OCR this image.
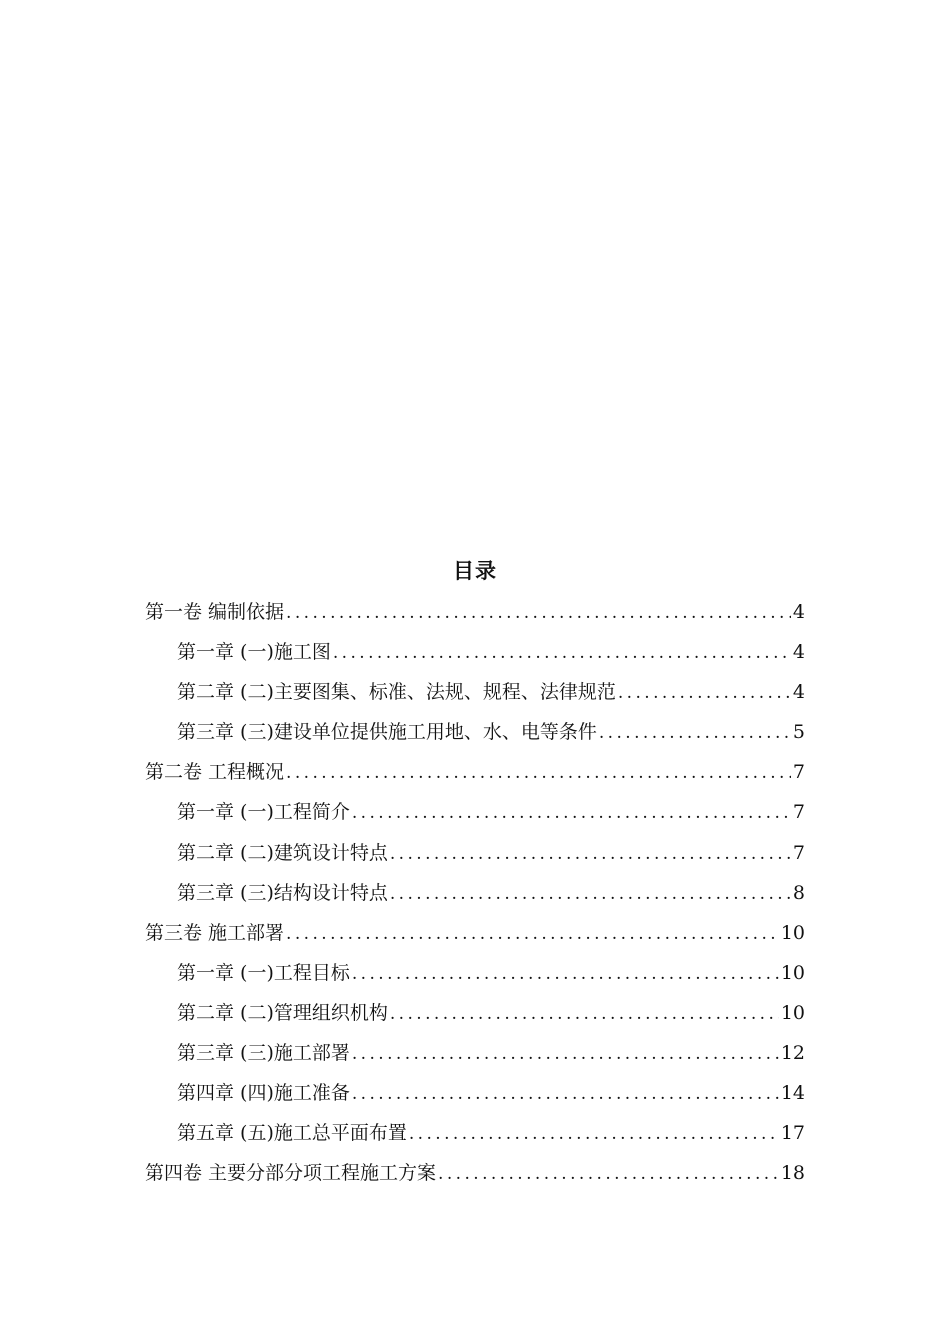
目录
第一卷 编制依据 .....	4
第一章 (一)施工图 .....	4
第二章 (二)主要图集、标准、法规、规程、法律规范 .....	4
第三章 (三)建设单位提供施工用地、水、电等条件 .....	5
第二卷 工程概况 .....	7
第一章 (一)工程简介 .....	7
第二章 (二)建筑设计特点 .....	7
第三章 (三)结构设计特点 .....	8
第三卷 施工部署 .....	10
第一章 (一)工程目标 .....	10
第二章 (二)管理组织机构 .....	10
第三章 (三)施工部署 .....	12
第四章 (四)施工准备 .....	14
第五章 (五)施工总平面布置 .....	17
第四卷 主要分部分项工程施工方案 .....	18
